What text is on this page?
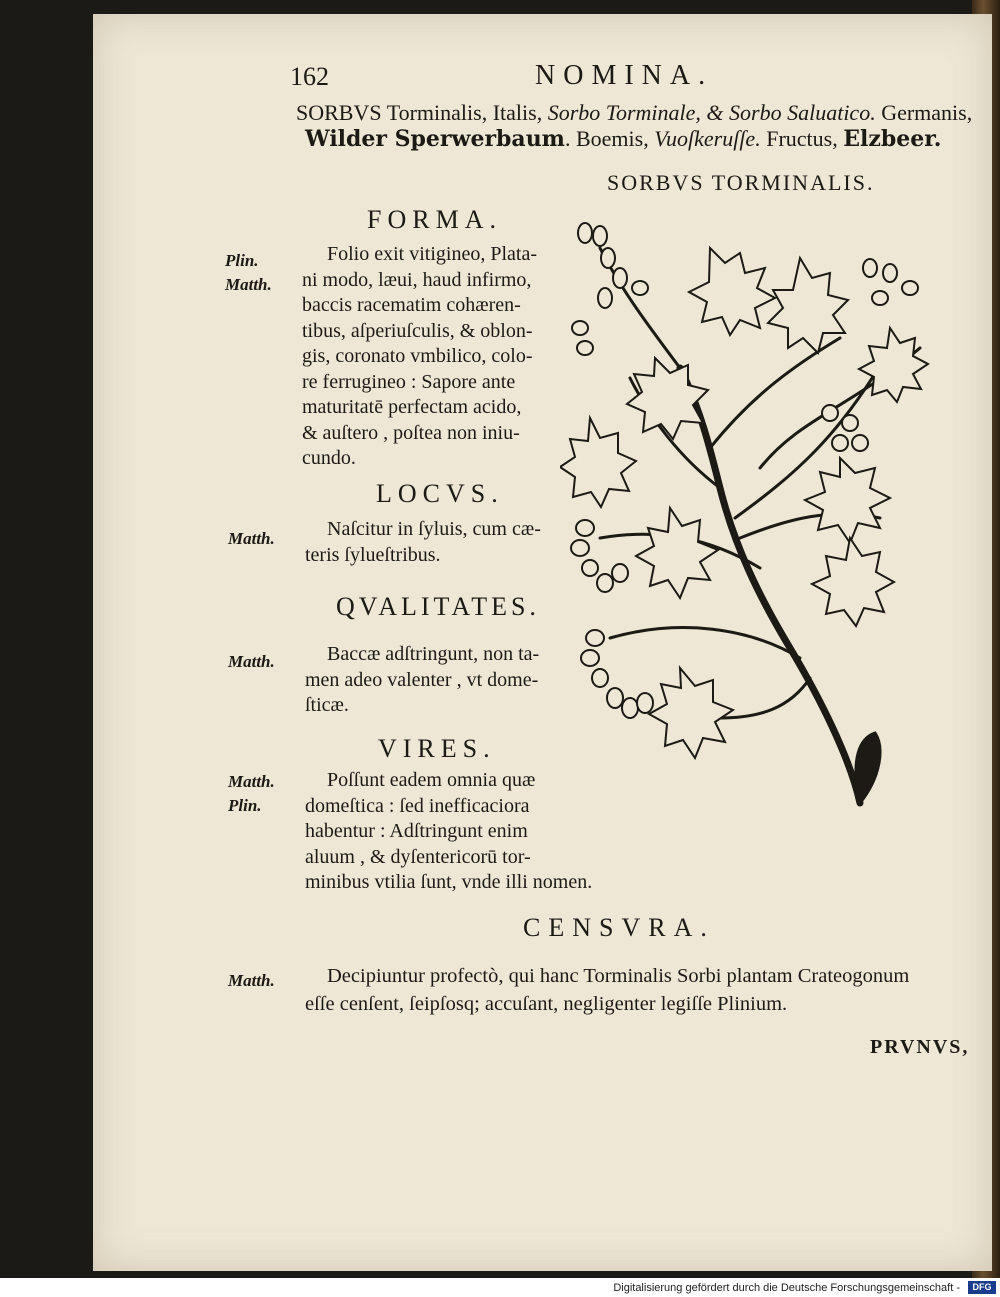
162	NOMINA.
SORBVS Torminalis, Italis, Sorbo Torminale, & Sorbo Saluatico. Germanis,
Wilder Sperwerbaum. Boemis, Vuoſkeruſſe. Fructus, Elzbeer.
SORBVS TORMINALIS.
FORMA.
Plin.
Matth.
Folio exit vitigineo, Plata-
ni modo, læui, haud infirmo,
baccis racematim cohæren-
tibus, aſperiuſculis, & oblon-
gis, coronato vmbilico, colo-
re ferrugineo : Sapore ante
maturitatē perfectam acido,
& auſtero , poſtea non iniu-
cundo.
LOCVS.
Matth.	Naſcitur in ſyluis, cum cæ-
teris ſylueſtribus.
QVALITATES.
Matth.	Baccæ adſtringunt, non ta-
men adeo valenter , vt dome-
ſticæ.
VIRES.
Matth.
Plin.
Poſſunt eadem omnia quæ
domeſtica : ſed inefficaciora
habentur : Adſtringunt enim
aluum , & dyſentericorū tor-
minibus vtilia ſunt, vnde illi nomen.
CENSVRA.
Matth.	Decipiuntur profectò, qui hanc Torminalis Sorbi plantam Crateogonum
eſſe cenſent, ſeipſosq; accuſant, negligenter legiſſe Plinium.
PRVNVS,
Digitalisierung gefördert durch die Deutsche Forschungsgemeinschaft -	DFG
